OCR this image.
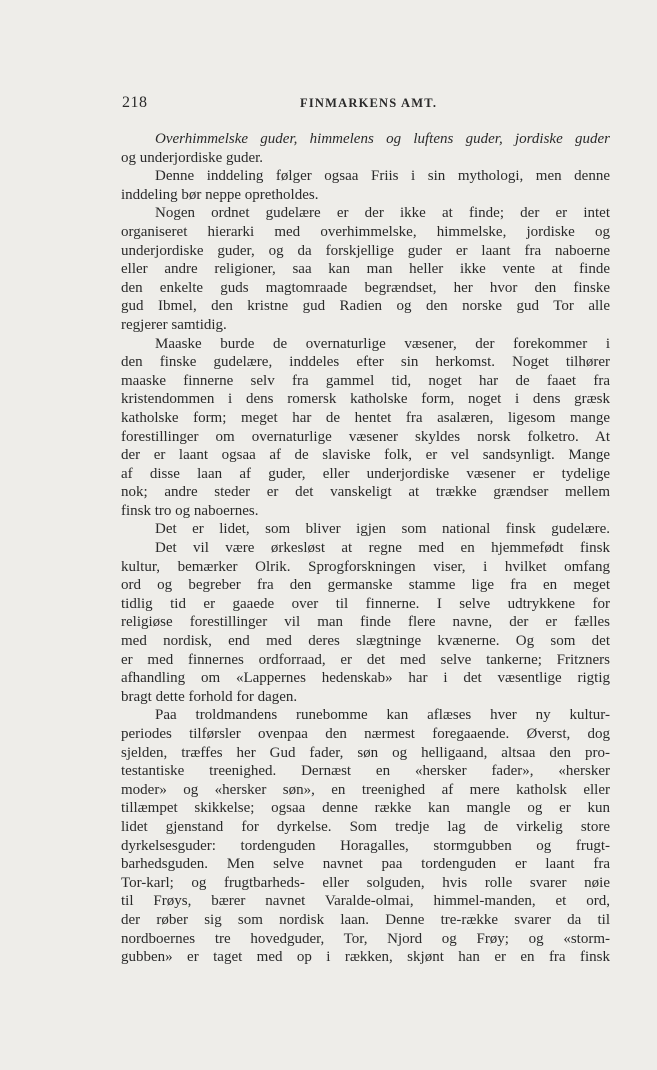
218	FINMARKENS AMT.
Overhimmelske guder, himmelens og luftens guder, jordiske guder
og underjordiske guder.
Denne inddeling følger ogsaa Friis i sin mythologi, men denne
inddeling bør neppe opretholdes.
Nogen ordnet gudelære er der ikke at finde; der er intet
organiseret hierarki med overhimmelske, himmelske, jordiske og
underjordiske guder, og da forskjellige guder er laant fra naboerne
eller andre religioner, saa kan man heller ikke vente at finde
den enkelte guds magtomraade begrændset, her hvor den finske
gud Ibmel, den kristne gud Radien og den norske gud Tor alle
regjerer samtidig.
Maaske burde de overnaturlige væsener, der forekommer i
den finske gudelære, inddeles efter sin herkomst. Noget tilhører
maaske finnerne selv fra gammel tid, noget har de faaet fra
kristendommen i dens romersk katholske form, noget i dens græsk
katholske form; meget har de hentet fra asalæren, ligesom mange
forestillinger om overnaturlige væsener skyldes norsk folketro. At
der er laant ogsaa af de slaviske folk, er vel sandsynligt. Mange
af disse laan af guder, eller underjordiske væsener er tydelige
nok; andre steder er det vanskeligt at trække grændser mellem
finsk tro og naboernes.
Det er lidet, som bliver igjen som national finsk gudelære.
Det vil være ørkesløst at regne med en hjemmefødt finsk
kultur, bemærker Olrik. Sprogforskningen viser, i hvilket omfang
ord og begreber fra den germanske stamme lige fra en meget
tidlig tid er gaaede over til finnerne. I selve udtrykkene for
religiøse forestillinger vil man finde flere navne, der er fælles
med nordisk, end med deres slægtninge kvænerne. Og som det
er med finnernes ordforraad, er det med selve tankerne; Fritzners
afhandling om «Lappernes hedenskab» har i det væsentlige rigtig
bragt dette forhold for dagen.
Paa troldmandens runebomme kan aflæses hver ny kultur-
periodes tilførsler ovenpaa den nærmest foregaaende. Øverst, dog
sjelden, træffes her Gud fader, søn og helligaand, altsaa den pro-
testantiske treenighed. Dernæst en «hersker fader», «hersker
moder» og «hersker søn», en treenighed af mere katholsk eller
tillæmpet skikkelse; ogsaa denne række kan mangle og er kun
lidet gjenstand for dyrkelse. Som tredje lag de virkelig store
dyrkelsesguder: tordenguden Horagalles, stormgubben og frugt-
barhedsguden. Men selve navnet paa tordenguden er laant fra
Tor-karl; og frugtbarheds- eller solguden, hvis rolle svarer nøie
til Frøys, bærer navnet Varalde-olmai, himmel-manden, et ord,
der røber sig som nordisk laan. Denne tre-række svarer da til
nordboernes tre hovedguder, Tor, Njord og Frøy; og «storm-
gubben» er taget med op i rækken, skjønt han er en fra finsk
